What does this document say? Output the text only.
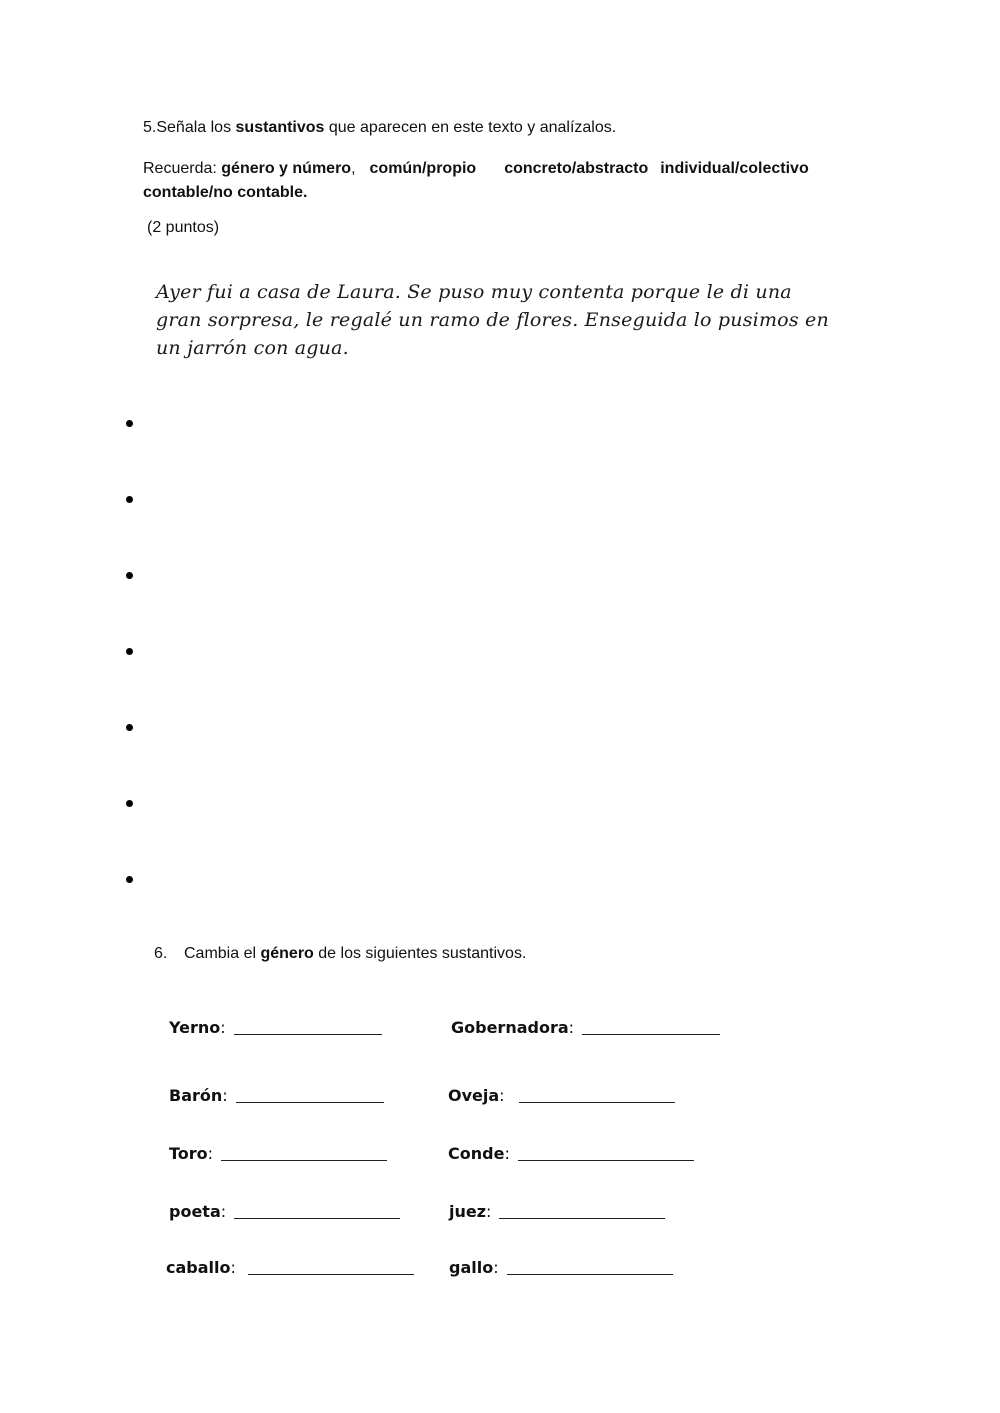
5.Señala los sustantivos que aparecen en este texto y analízalos.
Recuerda: género y número, común/propio concreto/abstracto individual/colectivo
contable/no contable.
(2 puntos)
Ayer fui a casa de Laura. Se puso muy contenta porque le di una
gran sorpresa, le regalé un ramo de flores. Enseguida lo pusimos en
un jarrón con agua.
6. Cambia el género de los siguientes sustantivos.
Yerno :	Gobernadora :
Barón :	Oveja :
Toro :	Conde :
poeta :	juez :
caballo :	gallo :
